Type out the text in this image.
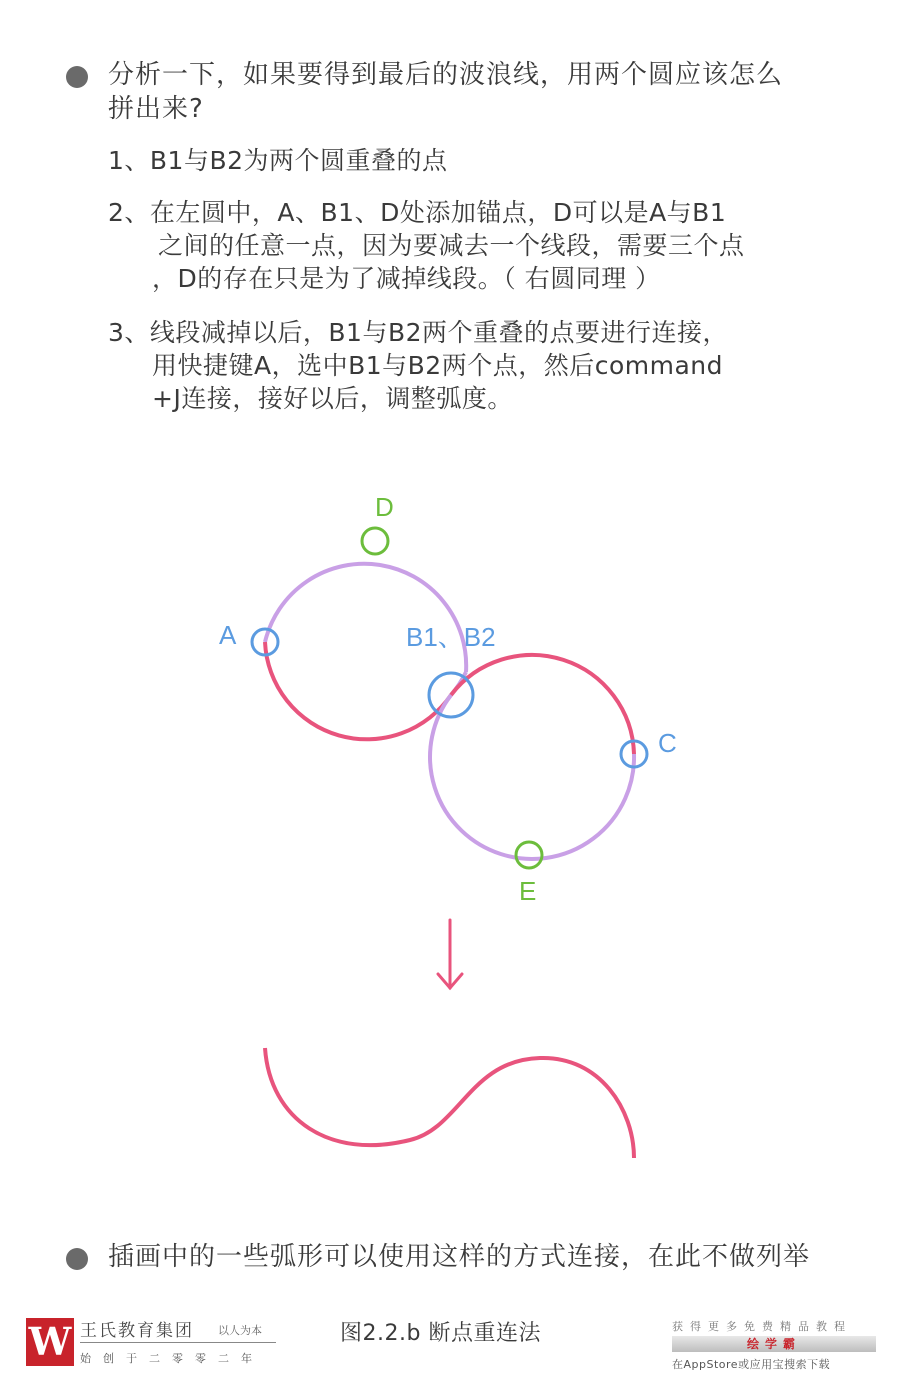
分析一下，如果要得到最后的波浪线，用两个圆应该怎么
拼出来?
1、B1与B2为两个圆重叠的点
2、在左圆中，A、B1、D处添加锚点，D可以是A与B1
之间的任意一点，因为要减去一个线段，需要三个点
，D的存在只是为了减掉线段。（ 右圆同理 ）
3、线段减掉以后，B1与B2两个重叠的点要进行连接，
用快捷键A，选中B1与B2两个点，然后command
+J连接，接好以后，调整弧度。
D
A	B1、B2
C
E
插画中的一些弧形可以使用这样的方式连接，在此不做列举
W 王氏教育集团 以人为本
始创于二零零二年
图2.2.b 断点重连法	获得更多免费精品教程
绘学霸
在AppStore或应用宝搜索下载
